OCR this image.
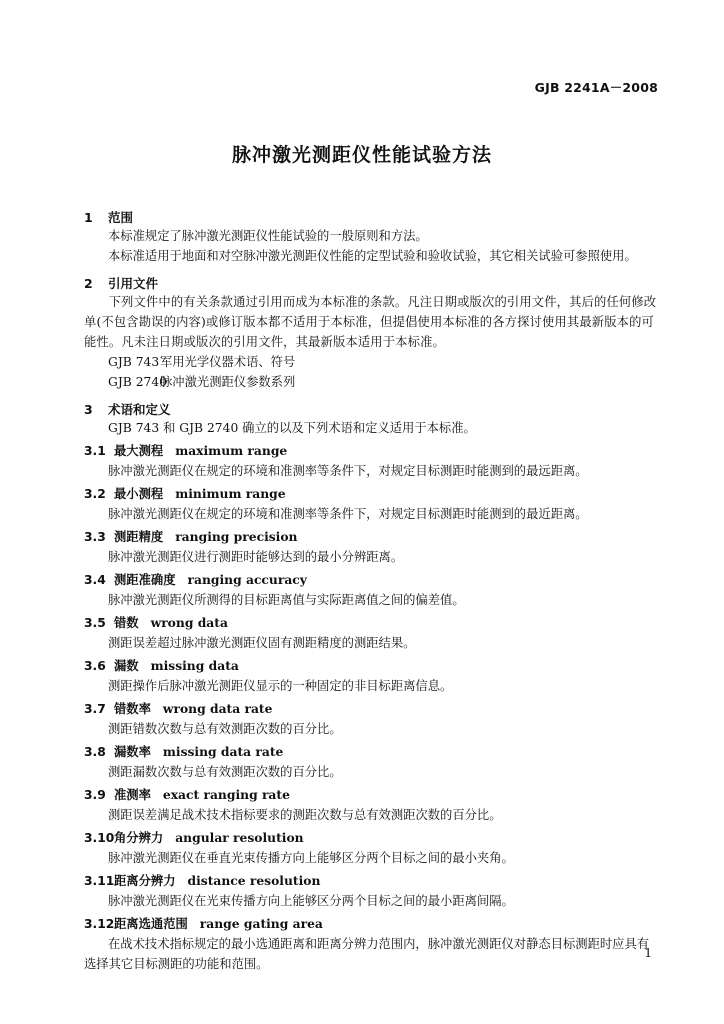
GJB 2241A－2008
脉冲激光测距仪性能试验方法
1 范围
本标准规定了脉冲激光测距仪性能试验的一般原则和方法。
本标准适用于地面和对空脉冲激光测距仪性能的定型试验和验收试验，其它相关试验可参照使用。
2 引用文件
下列文件中的有关条款通过引用而成为本标准的条款。凡注日期或版次的引用文件，其后的任何修改单(不包含勘误的内容)或修订版本都不适用于本标准，但提倡使用本标准的各方探讨使用其最新版本的可能性。凡未注日期或版次的引用文件，其最新版本适用于本标准。
GJB 743军用光学仪器术语、符号
GJB 2740脉冲激光测距仪参数系列
3 术语和定义
GJB 743 和 GJB 2740 确立的以及下列术语和定义适用于本标准。
3.1 最大测程 maximum range
脉冲激光测距仪在规定的环境和准测率等条件下，对规定目标测距时能测到的最远距离。
3.2 最小测程 minimum range
脉冲激光测距仪在规定的环境和准测率等条件下，对规定目标测距时能测到的最近距离。
3.3 测距精度 ranging precision
脉冲激光测距仪进行测距时能够达到的最小分辨距离。
3.4 测距准确度 ranging accuracy
脉冲激光测距仪所测得的目标距离值与实际距离值之间的偏差值。
3.5 错数 wrong data
测距误差超过脉冲激光测距仪固有测距精度的测距结果。
3.6 漏数 missing data
测距操作后脉冲激光测距仪显示的一种固定的非目标距离信息。
3.7 错数率 wrong data rate
测距错数次数与总有效测距次数的百分比。
3.8 漏数率 missing data rate
测距漏数次数与总有效测距次数的百分比。
3.9 准测率 exact ranging rate
测距误差满足战术技术指标要求的测距次数与总有效测距次数的百分比。
3.10角分辨力 angular resolution
脉冲激光测距仪在垂直光束传播方向上能够区分两个目标之间的最小夹角。
3.11距离分辨力 distance resolution
脉冲激光测距仪在光束传播方向上能够区分两个目标之间的最小距离间隔。
3.12距离选通范围 range gating area
在战术技术指标规定的最小选通距离和距离分辨力范围内，脉冲激光测距仪对静态目标测距时应具有选择其它目标测距的功能和范围。
1
